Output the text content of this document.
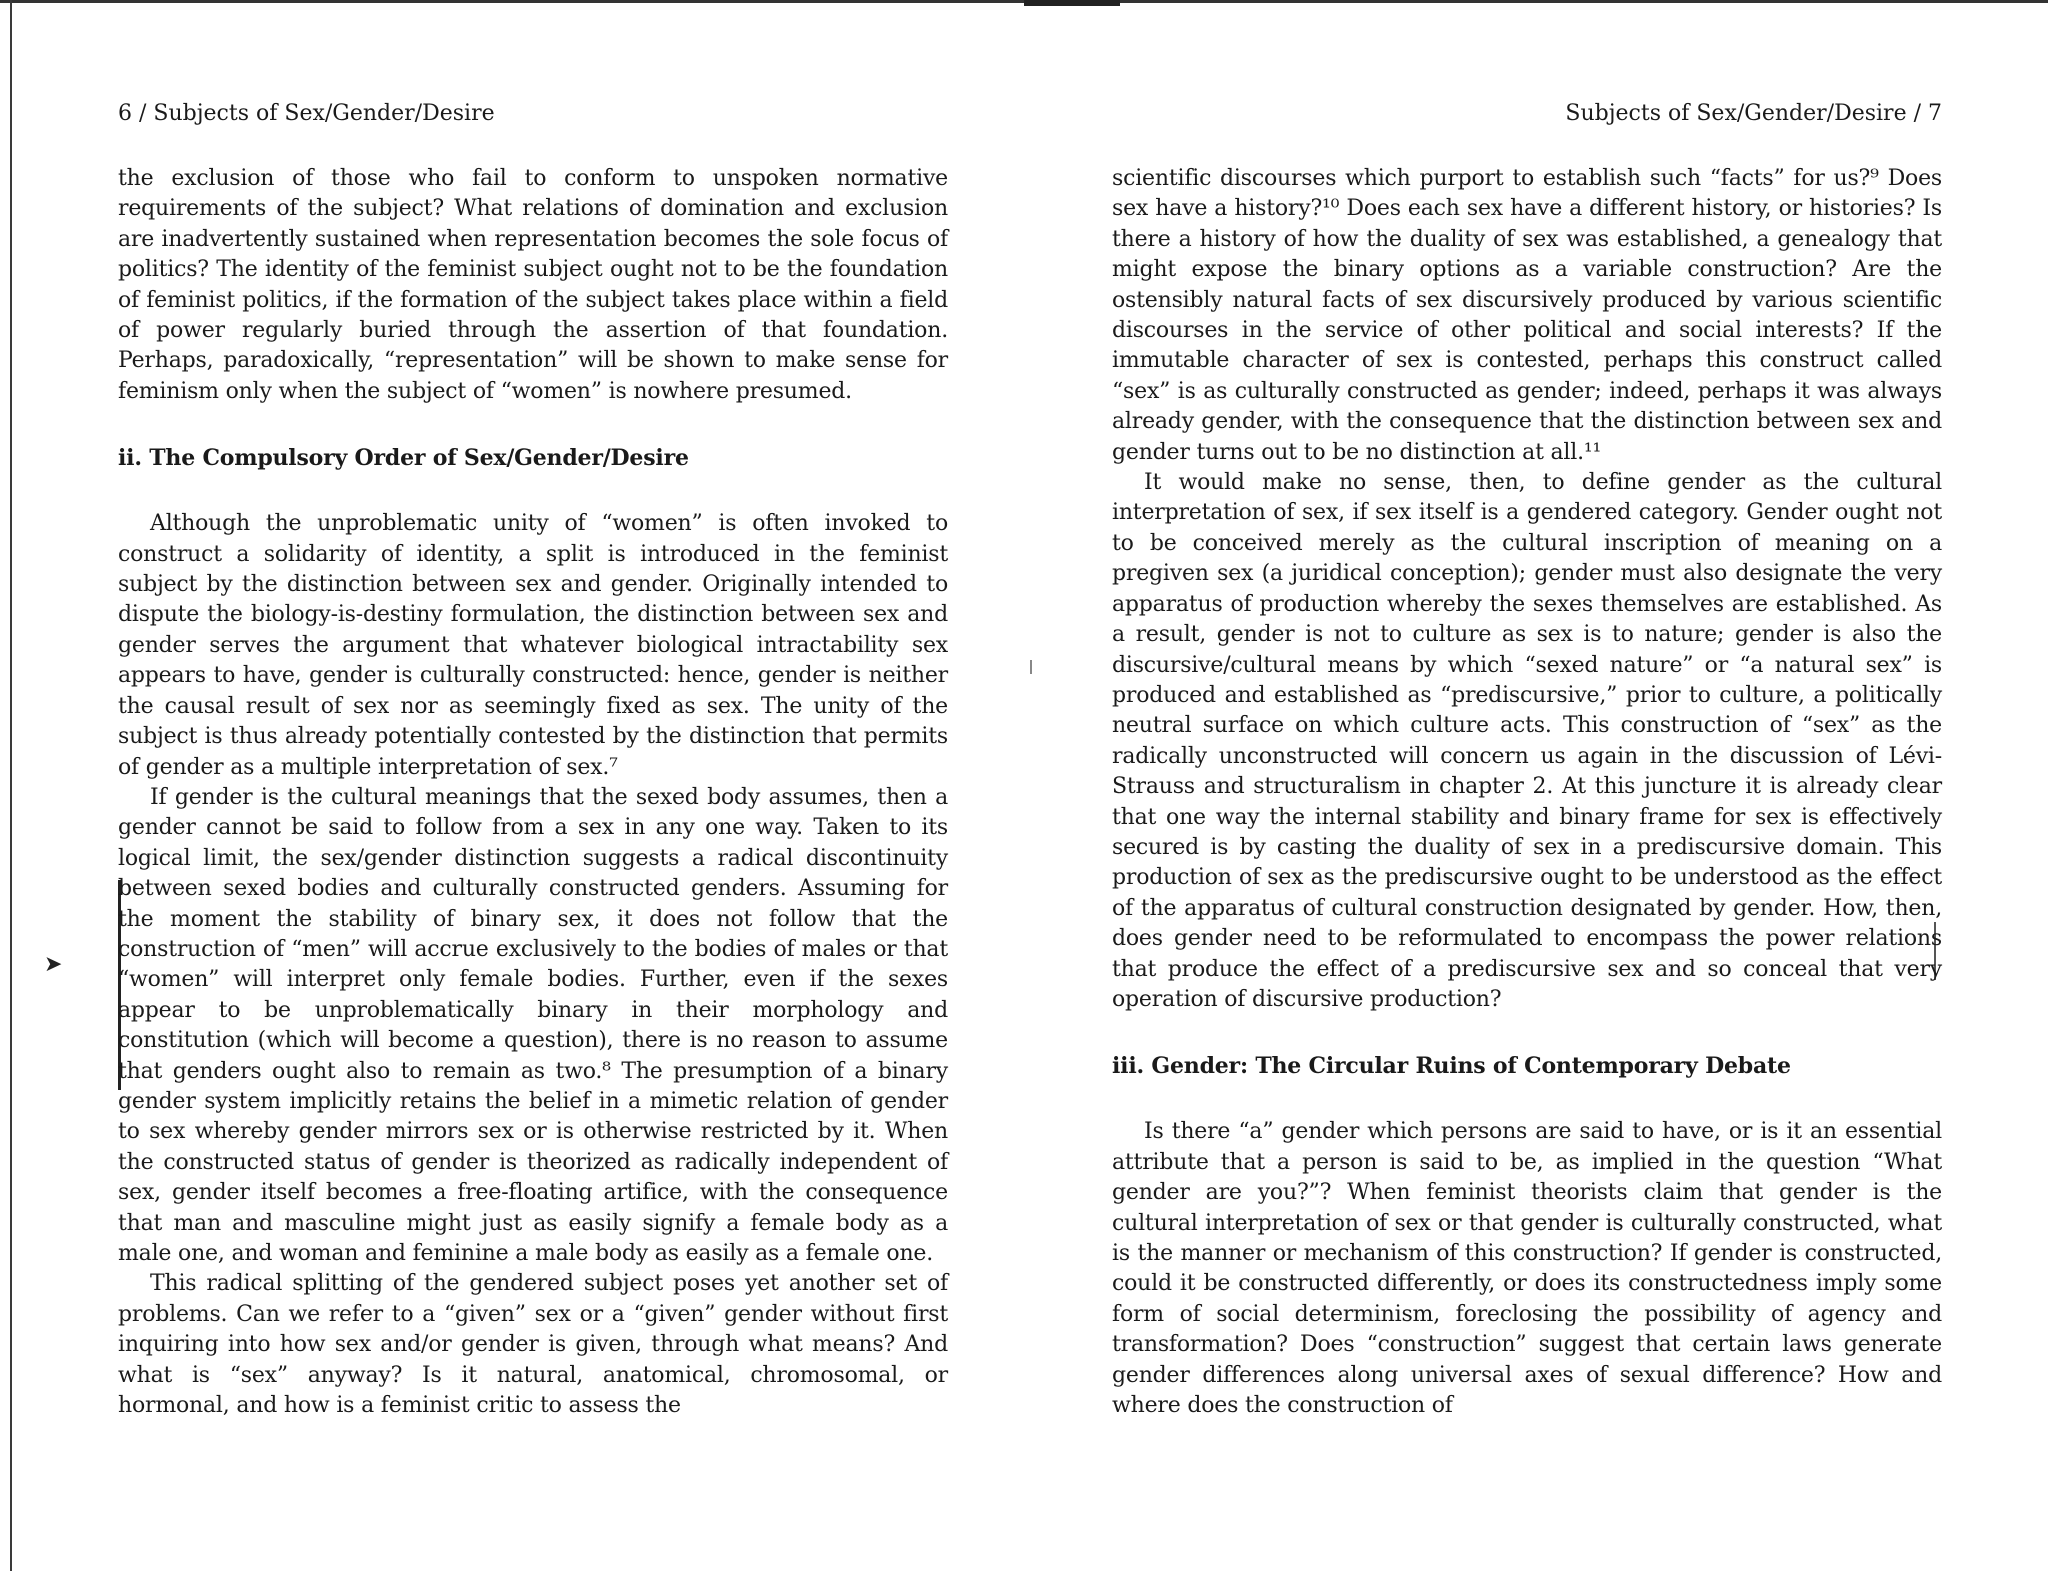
➤
6 / Subjects of Sex/Gender/Desire

the exclusion of those who fail to conform to unspoken normative requirements of the subject? What relations of domination and exclusion are inadvertently sustained when representation becomes the sole focus of politics? The identity of the feminist subject ought not to be the foundation of feminist politics, if the formation of the subject takes place within a field of power regularly buried through the assertion of that foundation. Perhaps, paradoxically, “representation” will be shown to make sense for feminism only when the subject of “women” is nowhere presumed.

ii. The Compulsory Order of Sex/Gender/Desire

Although the unproblematic unity of “women” is often invoked to construct a solidarity of identity, a split is introduced in the feminist subject by the distinction between sex and gender. Originally intended to dispute the biology-is-destiny formulation, the distinction between sex and gender serves the argument that whatever biological intractability sex appears to have, gender is culturally constructed: hence, gender is neither the causal result of sex nor as seemingly fixed as sex. The unity of the subject is thus already potentially contested by the distinction that permits of gender as a multiple interpretation of sex.⁷

If gender is the cultural meanings that the sexed body assumes, then a gender cannot be said to follow from a sex in any one way. Taken to its logical limit, the sex/gender distinction suggests a radical discontinuity between sexed bodies and culturally constructed genders. Assuming for the moment the stability of binary sex, it does not follow that the construction of “men” will accrue exclusively to the bodies of males or that “women” will interpret only female bodies. Further, even if the sexes appear to be unproblematically binary in their morphology and constitution (which will become a question), there is no reason to assume that genders ought also to remain as two.⁸ The presumption of a binary gender system implicitly retains the belief in a mimetic relation of gender to sex whereby gender mirrors sex or is otherwise restricted by it. When the constructed status of gender is theorized as radically independent of sex, gender itself becomes a free-floating artifice, with the consequence that man and masculine might just as easily signify a female body as a male one, and woman and feminine a male body as easily as a female one.

This radical splitting of the gendered subject poses yet another set of problems. Can we refer to a “given” sex or a “given” gender without first inquiring into how sex and/or gender is given, through what means? And what is “sex” anyway? Is it natural, anatomical, chromosomal, or hormonal, and how is a feminist critic to assess the

Subjects of Sex/Gender/Desire / 7

scientific discourses which purport to establish such “facts” for us?⁹ Does sex have a history?¹⁰ Does each sex have a different history, or histories? Is there a history of how the duality of sex was established, a genealogy that might expose the binary options as a variable construction? Are the ostensibly natural facts of sex discursively produced by various scientific discourses in the service of other political and social interests? If the immutable character of sex is contested, perhaps this construct called “sex” is as culturally constructed as gender; indeed, perhaps it was always already gender, with the consequence that the distinction between sex and gender turns out to be no distinction at all.¹¹

It would make no sense, then, to define gender as the cultural interpretation of sex, if sex itself is a gendered category. Gender ought not to be conceived merely as the cultural inscription of meaning on a pregiven sex (a juridical conception); gender must also designate the very apparatus of production whereby the sexes themselves are established. As a result, gender is not to culture as sex is to nature; gender is also the discursive/cultural means by which “sexed nature” or “a natural sex” is produced and established as “prediscursive,” prior to culture, a politically neutral surface on which culture acts. This construction of “sex” as the radically unconstructed will concern us again in the discussion of Lévi-Strauss and structuralism in chapter 2. At this juncture it is already clear that one way the internal stability and binary frame for sex is effectively secured is by casting the duality of sex in a prediscursive domain. This production of sex as the prediscursive ought to be understood as the effect of the apparatus of cultural construction designated by gender. How, then, does gender need to be reformulated to encompass the power relations that produce the effect of a prediscursive sex and so conceal that very operation of discursive production?

iii. Gender: The Circular Ruins of Contemporary Debate

Is there “a” gender which persons are said to have, or is it an essential attribute that a person is said to be, as implied in the question “What gender are you?”? When feminist theorists claim that gender is the cultural interpretation of sex or that gender is culturally constructed, what is the manner or mechanism of this construction? If gender is constructed, could it be constructed differently, or does its constructedness imply some form of social determinism, foreclosing the possibility of agency and transformation? Does “construction” suggest that certain laws generate gender differences along universal axes of sexual difference? How and where does the construction of
